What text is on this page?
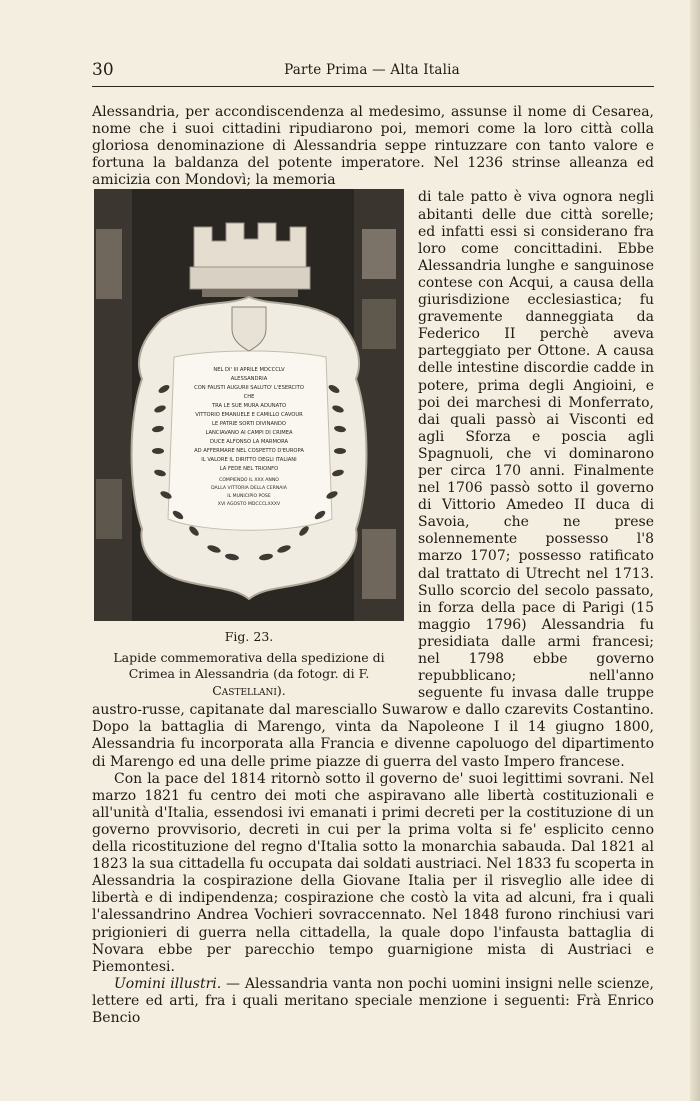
30	Parte Prima — Alta Italia

Alessandria, per accondiscendenza al medesimo, assunse il nome di Cesarea, nome che i suoi cittadini ripudiarono poi, memori come la loro città colla gloriosa denominazione di Alessandria seppe rintuzzare con tanto valore e fortuna la baldanza del potente imperatore. Nel 1236 strinse alleanza ed amicizia con Mondovì; la memoria

NEL DI' III APRILE MDCCCLV
ALESSANDRIA
CON FAUSTI AUGURII SALUTO' L'ESERCITO
CHE
TRA LE SUE MURA ADUNATO
VITTORIO EMANUELE E CAMILLO CAVOUR
LE PATRIE SORTI DIVINANDO
LANCIAVANO AI CAMPI DI CRIMEA
DUCE ALFONSO LA MARMORA
AD AFFERMARE NEL COSPETTO D'EUROPA
IL VALORE IL DIRITTO DEGLI ITALIANI
LA FEDE NEL TRIONFO
COMPIENDO IL XXX ANNO
DALLA VITTORIA DELLA CERNAIA
IL MUNICIPIO POSE
XVI AGOSTO MDCCCLXXXV
Fig. 23.
Lapide commemorativa della spedizione di Crimea in Alessandria (da fotogr. di F. Castellani).

di tale patto è viva ognora negli abitanti delle due città sorelle; ed infatti essi si considerano fra loro come concittadini. Ebbe Alessandria lunghe e sanguinose contese con Acqui, a causa della giurisdizione ecclesiastica; fu gravemente danneggiata da Federico II perchè aveva parteggiato per Ottone. A causa delle intestine discordie cadde in potere, prima degli Angioini, e poi dei marchesi di Monferrato, dai quali passò ai Visconti ed agli Sforza e poscia agli Spagnuoli, che vi dominarono per circa 170 anni. Finalmente nel 1706 passò sotto il governo di Vittorio Amedeo II duca di Savoia, che ne prese solennemente possesso l'8 marzo 1707; possesso ratificato dal trattato di Utrecht nel 1713. Sullo scorcio del secolo passato, in forza della pace di Parigi (15 maggio 1796) Alessandria fu presidiata dalle armi francesi; nel 1798 ebbe governo repubblicano; nell'anno seguente fu invasa dalle truppe austro-russe, capitanate dal maresciallo Suwarow e dallo czarevits Costantino. Dopo la battaglia di Marengo, vinta da Napoleone I il 14 giugno 1800, Alessandria fu incorporata alla Francia e divenne capoluogo del dipartimento di Marengo ed una delle prime piazze di guerra del vasto Impero francese.

Con la pace del 1814 ritornò sotto il governo de' suoi legittimi sovrani. Nel marzo 1821 fu centro dei moti che aspiravano alle libertà costituzionali e all'unità d'Italia, essendosi ivi emanati i primi decreti per la costituzione di un governo provvisorio, decreti in cui per la prima volta si fe' esplicito cenno della ricostituzione del regno d'Italia sotto la monarchia sabauda. Dal 1821 al 1823 la sua cittadella fu occupata dai soldati austriaci. Nel 1833 fu scoperta in Alessandria la cospirazione della Giovane Italia per il risveglio alle idee di libertà e di indipendenza; cospirazione che costò la vita ad alcuni, fra i quali l'alessandrino Andrea Vochieri sovraccennato. Nel 1848 furono rinchiusi vari prigionieri di guerra nella cittadella, la quale dopo l'infausta battaglia di Novara ebbe per parecchio tempo guarnigione mista di Austriaci e Piemontesi.

Uomini illustri. — Alessandria vanta non pochi uomini insigni nelle scienze, lettere ed arti, fra i quali meritano speciale menzione i seguenti: Frà Enrico Bencio
